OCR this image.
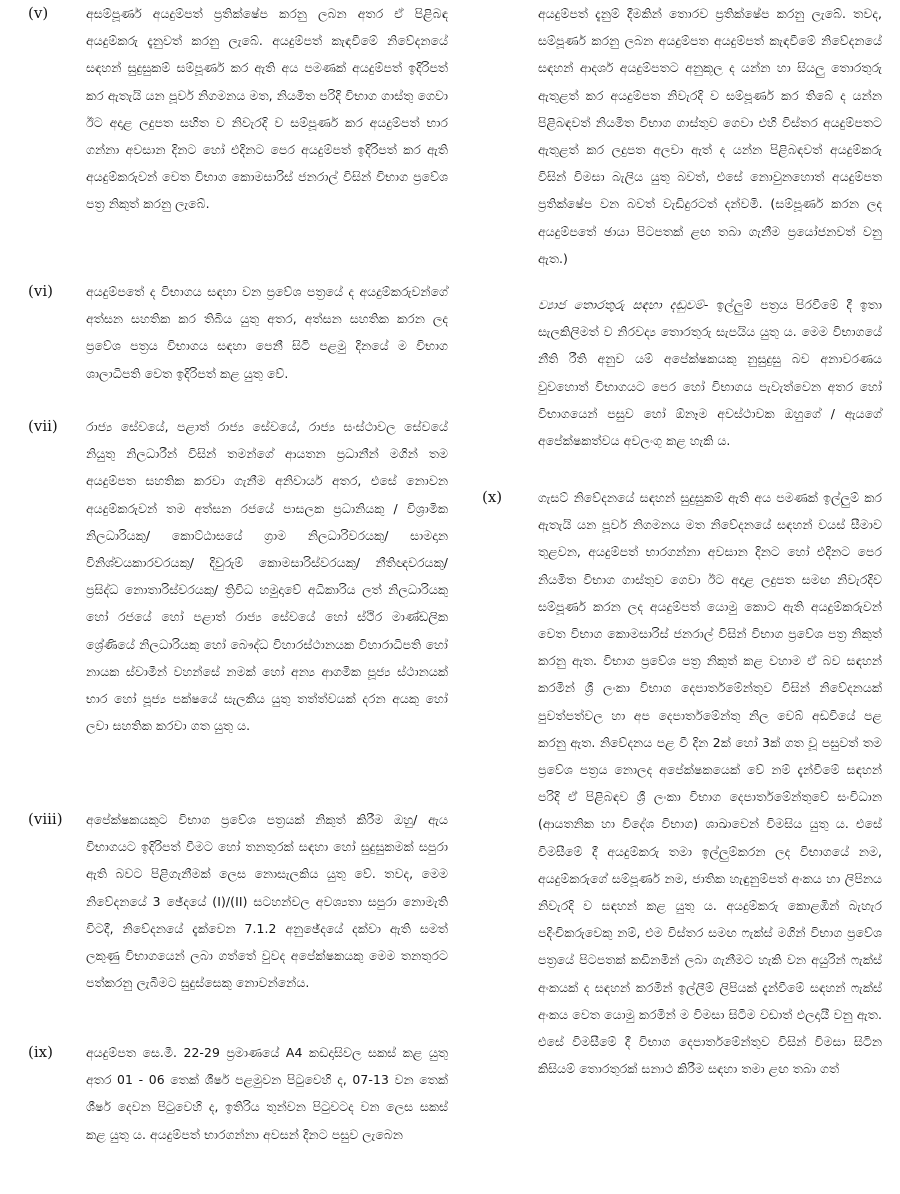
(v)	අසම්පූර්ණ අයදුම්පත් ප්‍රතික්ෂේප කරනු ලබන අතර ඒ පිළිබඳ අයදුම්කරු දැනුවත් කරනු ලැබේ. අයදුම්පත් කැඳවීමේ නිවේදනයේ සඳහන් සුදුසුකම් සම්පූර්ණ කර ඇති අය පමණක් අයදුම්පත් ඉදිරිපත් කර ඇතැයි යන පූර්ව නිගමනය මත, නියමිත පරිදි විභාග ගාස්තු ගෙවා ඊට අදාළ ලදුපත සහිත ව නිවැරදි ව සම්පූර්ණ කර අයදුම්පත් භාර ගන්නා අවසාන දිනට හෝ එදිනට පෙර අයදුම්පත් ඉදිරිපත් කර ඇති අයදුම්කරුවන් වෙත විභාග කොමසාරිස් ජනරාල් විසින් විභාග ප්‍රවේශ පත්‍ර නිකුත් කරනු ලැබේ.

(vi)	අයදුම්පතේ ද විභාගය සඳහා වන ප්‍රවේශ පත්‍රයේ ද අයදුම්කරුවන්ගේ අත්සන සහතික කර තිබිය යුතු අතර, අත්සන සහතික කරන ලද ප්‍රවේශ පත්‍රය විභාගය සඳහා පෙනී සිටි පළමු දිනයේ ම විභාග ශාලාධිපති වෙත ඉදිරිපත් කළ යුතු වේ.

(vii) රාජ්‍ය සේවයේ, පළාත් රාජ්‍ය සේවයේ, රාජ්‍ය සංස්ථාවල සේවයේ නියුතු නිලධාරීන් විසින් තමන්ගේ ආයතන ප්‍රධානීන් මගින් තම අයදුම්පත සහතික කරවා ගැනීම අනිවාර්ය අතර, එසේ නොවන අයදුම්කරුවන් තම අත්සන රජයේ පාසලක ප්‍රධානියකු / විශ්‍රාමික නිලධාරියකු/ කොට්ඨාසයේ ග්‍රාම නිලධාරිවරයකු/ සාමදාන විනිශ්චයකාරවරයකු/ දිවුරුම් කොමසාරිස්වරයකු/ නීතිඥවරයකු/ ප්‍රසිද්ධ නොතාරිස්වරයකු/ ත්‍රිවිධ හමුදාවේ අධිකාරිය ලත් නිලධාරියකු හෝ රජයේ හෝ පළාත් රාජ්‍ය සේවයේ හෝ ස්ථිර මාණ්ඩලික ශ්‍රේණියේ නිලධාරියකු හෝ බෞද්ධ විහාරස්ථානයක විහාරාධිපති හෝ නායක ස්වාමීන් වහන්සේ නමක් හෝ අන්‍ය ආගමික පූජ්‍ය ස්ථානයක් භාර හෝ පූජ්‍ය පක්ෂයේ සැලකිය යුතු තත්ත්වයක් දරන අයකු හෝ ලවා සහතික කරවා ගත යුතු ය.

(viii) අපේක්ෂකයකුට විභාග ප්‍රවේශ පත්‍රයක් නිකුත් කිරීම ඔහු/ ඇය විභාගයට ඉදිරිපත් වීමට හෝ තනතුරක් සඳහා හෝ සුදුසුකමක් සපුරා ඇති බවට පිළිගැනීමක් ලෙස නොසැලකිය යුතු වේ. තවද, මෙම නිවේදනයේ 3 ඡේදයේ (I)/(II) සටහන්වල අවශ්‍යතා සපුරා නොමැති විටදී, නිවේදනයේ දැක්වෙන 7.1.2 අනුඡේදයේ දක්වා ඇති සමත් ලකුණු විභාගයෙන් ලබා ගත්තේ වුවද අපේක්ෂකයකු මෙම තනතුරට පත්කරනු ලැබීමට සුදුස්සෙකු නොවන්නේය.

(ix)	අයදුම්පත සෙ.මී. 22-29 ප්‍රමාණයේ A4 කඩදාසිවල සකස් කළ යුතු අතර 01 - 06 තෙක් ශීර්ෂ පළමුවන පිටුවෙහි ද, 07-13 වන තෙක් ශීර්ෂ දෙවන පිටුවෙහි ද, ඉතිරිය තුන්වන පිටුවටද වන ලෙස සකස් කළ යුතු ය. අයදුම්පත් භාරගන්නා අවසන් දිනට පසුව ලැබෙන

අයදුම්පත් දැනුම් දීමකින් තොරව ප්‍රතික්ෂේප කරනු ලැබේ. තවද, සම්පූර්ණ කරනු ලබන අයදුම්පත අයදුම්පත් කැඳවීමේ නිවේදනයේ සඳහන් ආදර්ශ අයදුම්පතට අනුකූල ද යන්න හා සියලු තොරතුරු ඇතුළත් කර අයදුම්පත නිවැරදි ව සම්පූර්ණ කර තිබේ ද යන්න පිළිබඳවත් නියමිත විභාග ගාස්තුව ගෙවා එහි විස්තර අයදුම්පතට ඇතුළත් කර ලදුපත අලවා ඇත් ද යන්න පිළිබඳවත් අයදුම්කරු විසින් විමසා බැලිය යුතු බවත්, එසේ නොවුනහොත් අයදුම්පත ප්‍රතික්ෂේප වන බවත් වැඩිදුරටත් දන්වමි. (සම්පූර්ණ කරන ලද අයදුම්පතේ ඡායා පිටපතක් ළඟ තබා ගැනීම ප්‍රයෝජනවත් වනු ඇත.)

ව්‍යාජ තොරතුරු සඳහා දඬුවම්- ඉල්ලුම් පත්‍රය පිරවීමේ දී ඉතා සැලකිලිමත් ව නිරවද්‍ය තොරතුරු සැපයිය යුතු ය. මෙම විභාගයේ නීති රීති අනුව යම් අපේක්ෂකයකු නුසුදුසු බව අනාවරණය වුවහොත් විභාගයට පෙර හෝ විභාගය පැවැත්වෙන අතර හෝ විභාගයෙන් පසුව හෝ ඕනෑම අවස්ථාවක ඔහුගේ / ඇයගේ අපේක්ෂකත්වය අවලංගු කළ හැකි ය.

(x)	ගැසට් නිවේදනයේ සඳහන් සුදුසුකම් ඇති අය පමණක් ඉල්ලුම් කර ඇතැයි යන පූර්ව නිගමනය මත නිවේදනයේ සඳහන් වයස් සීමාව තුළවන, අයදුම්පත් භාරගන්නා අවසාන දිනට හෝ එදිනට පෙර නියමිත විභාග ගාස්තුව ගෙවා ඊට අදාළ ලදුපත සමඟ නිවැරදිව සම්පූර්ණ කරන ලද අයදුම්පත් යොමු කොට ඇති අයදුම්කරුවන් වෙත විභාග කොමසාරිස් ජනරාල් විසින් විභාග ප්‍රවේශ පත්‍ර නිකුත් කරනු ඇත. විභාග ප්‍රවේශ පත්‍ර නිකුත් කළ වහාම ඒ බව සඳහන් කරමින් ශ්‍රී ලංකා විභාග දෙපාර්තමේන්තුව විසින් නිවේදනයක් පුවත්පත්වල හා අප දෙපාර්තමේන්තු නිල වෙබ් අඩවියේ පළ කරනු ඇත. නිවේදනය පළ වී දින 2ක් හෝ 3ක් ගත වූ පසුවත් තම ප්‍රවේශ පත්‍රය නොලද අපේක්ෂකයෙක් වේ නම් දැන්වීමේ සඳහන් පරිදි ඒ පිළිබඳව ශ්‍රී ලංකා විභාග දෙපාර්තමේන්තුවේ සංවිධාන (ආයතනික හා විදේශ විභාග) ශාඛාවෙන් විමසිය යුතු ය. එසේ විමසීමේ දී අයදුම්කරු තමා ඉල්ලුම්කරන ලද විභාගයේ නම, අයදුම්කරුගේ සම්පූර්ණ නම, ජාතික හැඳුනුම්පත් අංකය හා ලිපිනය නිවැරදි ව සඳහන් කළ යුතු ය. අයදුම්කරු කොළඹින් බැහැර පදිංචිකරුවෙකු නම්, එම විස්තර සමඟ ෆැක්ස් මගින් විභාග ප්‍රවේශ පත්‍රයේ පිටපතක් කඩිනමින් ලබා ගැනීමට හැකි වන අයුරින් ෆැක්ස් අංකයක් ද සඳහන් කරමින් ඉල්ලීම් ලිපියක් දැන්වීමේ සඳහන් ෆැක්ස් අංකය වෙත යොමු කරමින් ම විමසා සිටීම වඩාත් ඵලදායී වනු ඇත. එසේ විමසීමේ දී විභාග දෙපාර්තමේන්තුව විසින් විමසා සිටින කිසියම් තොරතුරක් සනාථ කිරීම සඳහා තමා ළඟ තබා ගත්
